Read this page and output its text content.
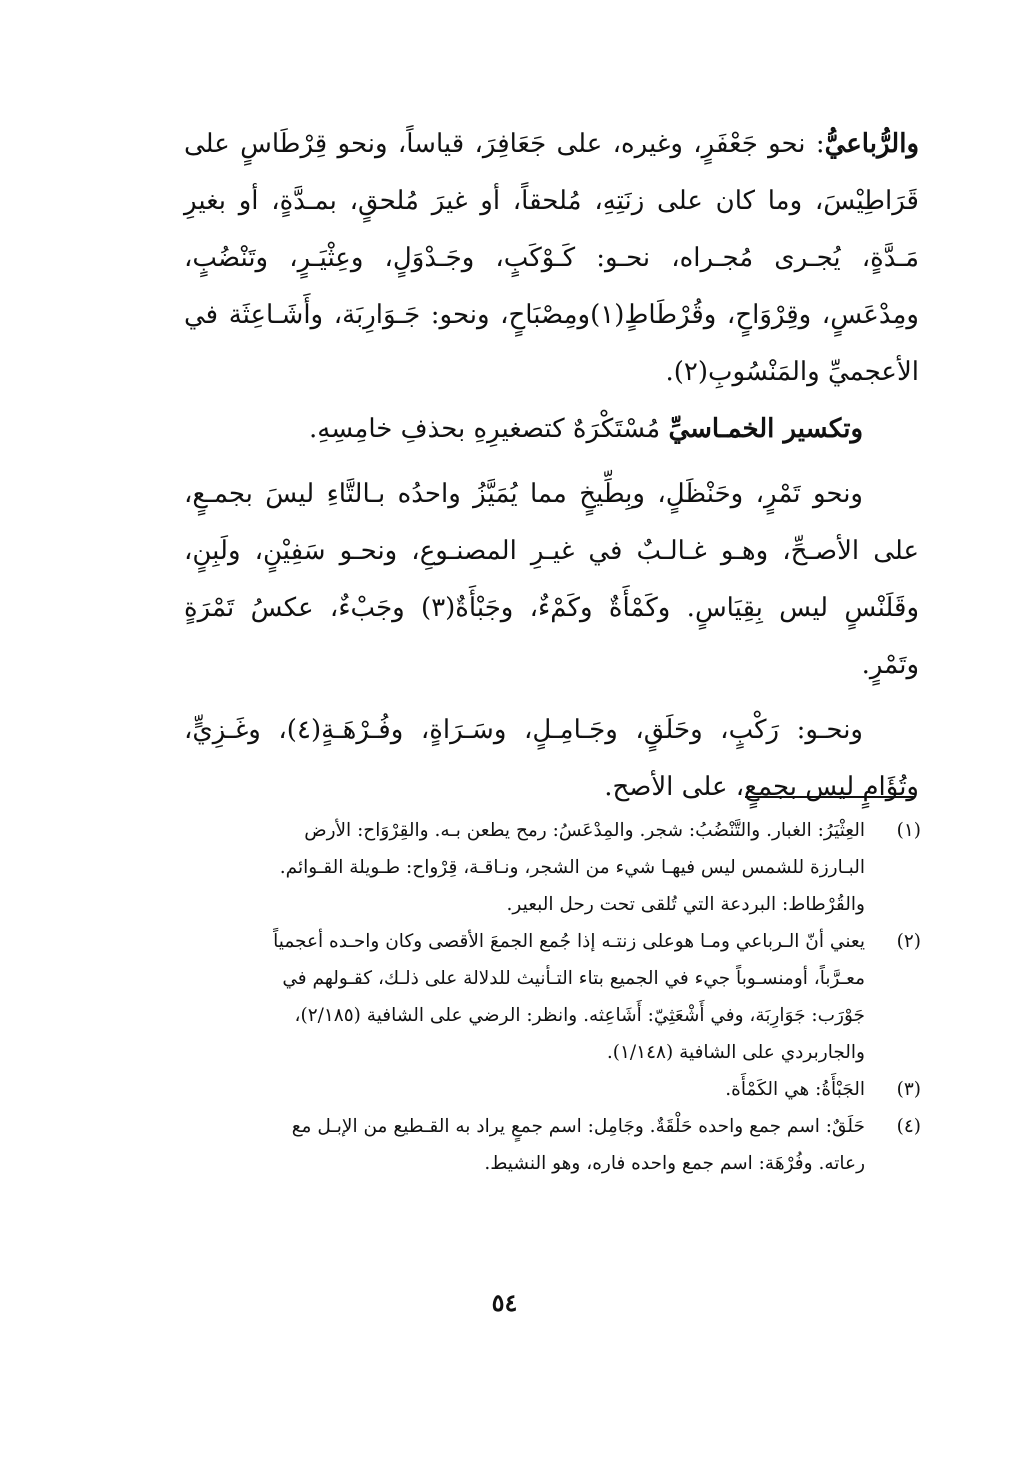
والرُّباعيُّ: نحو جَعْفَرٍ، وغيره، على جَعَافِرَ، قياساً، ونحو قِرْطَاسٍ على قَرَاطِيْسَ، وما كان على زنَتِهِ، مُلحقاً، أو غيرَ مُلحقٍ، بمـدَّةٍ، أو بغيرِ مَـدَّةٍ، يُجـرى مُجـراه، نحـو: كَـوْكَبٍ، وجَـدْوَلٍ، وعِثْيَـرٍ، وتَنْضُبٍ، ومِدْعَسٍ، وقِرْوَاحٍ، وقُرْطَاطٍ(١)ومِصْبَاحٍ، ونحو: جَـوَارِبَة، وأَشَـاعِثَة في الأعجميِّ والمَنْسُوبِ(٢).

وتكسير الخمـاسيِّ مُسْتَكْرَهٌ كتصغيرِهِ بحذفِ خامِسِهِ.

ونحو تَمْرٍ، وحَنْظَلٍ، وبِطِّيخٍ مما يُمَيَّزُ واحدُه بـالتَّاءِ ليسَ بجمـعٍ، على الأصـحِّ، وهـو غـالـبٌ في غيـرِ المصنـوعِ، ونحـو سَفِيْنٍ، ولَبِنٍ، وقَلَنْسٍ ليس بِقِيَاسٍ. وكَمْأَةٌ وكَمْءٌ، وجَبْأَةٌ(٣) وجَبْءٌ، عكسُ تَمْرَةٍ وتَمْرٍ.

ونحـو: رَكْبٍ، وحَلَقٍ، وجَـامِـلٍ، وسَـرَاةٍ، وفُـرْهَـةٍ(٤)، وغَـزِيٍّ، وتُؤَامٍ ليس بجمعٍ، على الأصح.

(١)
العِثْيَرُ: الغبار. والتَّنْضُبُ: شجر. والمِدْعَسُ: رمح يطعن بـه. والقِرْوَاح: الأرض
البـارزة للشمس ليس فيهـا شيء من الشجر، ونـاقـة، قِرْواح: طـويلة القـوائم.
والقُرْطاط: البردعة التي تُلقى تحت رحل البعير.
(٢)
يعني أنّ الـرباعي ومـا هوعلى زنتـه إذا جُمع الجمعَ الأقصى وكان واحـده أعجمياً
معـرَّباً، أومنسـوباً جيء في الجميع بتاء التـأنيث للدلالة على ذلـك، كقـولهم في
جَوْرَب: جَوَارِبَة، وفي أَشْعَثِيّ: أَشَاعِثه. وانظر: الرضي على الشافية (٢/١٨٥)،
والجاربردي على الشافية (١/١٤٨).
(٣)
الجَبْأَةُ: هي الكَمْأَة.
(٤)
حَلَقٌ: اسم جمع واحده حَلْقَةٌ. وجَامِل: اسم جمعٍ يراد به القـطيع من الإبـل مع
رعاته. وفُرْهَة: اسم جمع واحده فاره، وهو النشيط.
٥٤
